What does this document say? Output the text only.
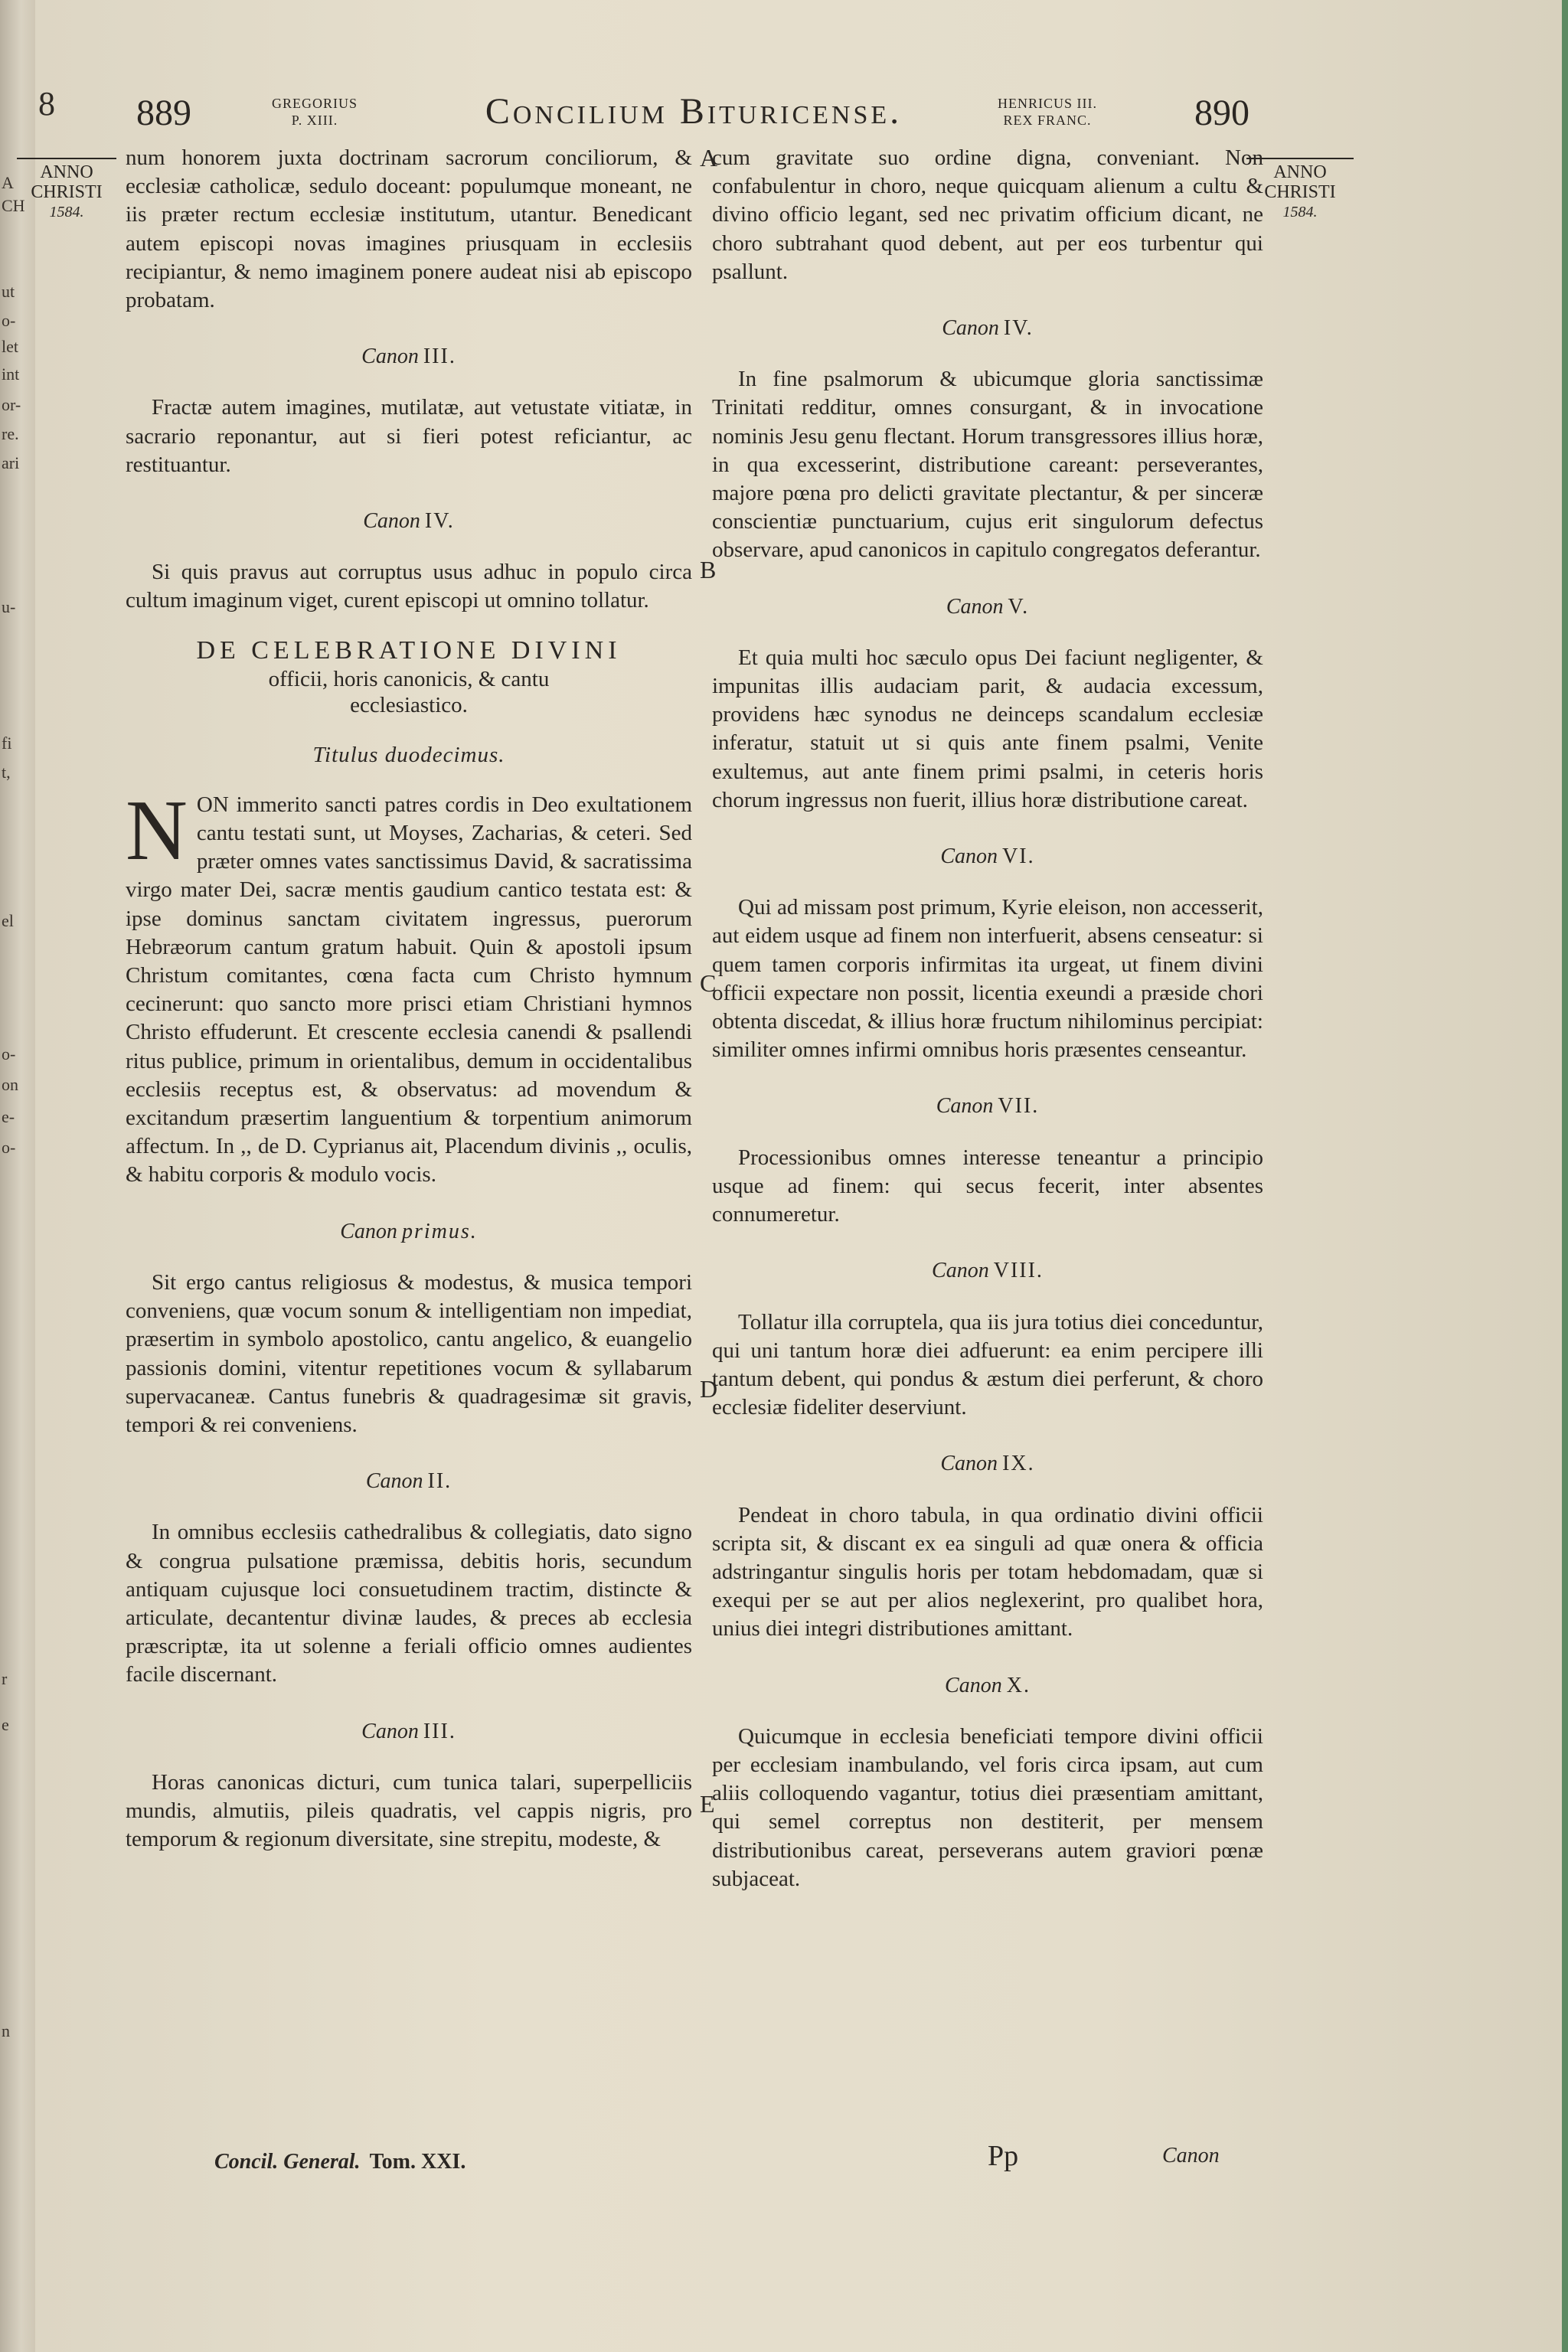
A
CH
ut
o-
let
int
or-
re.
ari
u-
fi
t,
el
o-
on
e-
o-
r
e
n
8 889	GREGORIUS
P. XIII.	Concilium Bituricense.	HENRICUS III.
REX FRANC.	890
ANNO
CHRISTI
1584.
ANNO
CHRISTI
1584.
A
B
C
D
E

num honorem juxta doctrinam sacrorum conciliorum, & ecclesiæ catholicæ, sedulo doceant: populumque moneant, ne iis præter rectum ecclesiæ institutum, utantur. Benedicant autem episcopi novas imagines priusquam in ecclesiis recipiantur, & nemo imaginem ponere audeat nisi ab episcopo probatam.

Canon III.

Fractæ autem imagines, mutilatæ, aut vetustate vitiatæ, in sacrario reponantur, aut si fieri potest reficiantur, ac restituantur.

Canon IV.

Si quis pravus aut corruptus usus adhuc in populo circa cultum imaginum viget, curent episcopi ut omnino tollatur.

DE CELEBRATIONE DIVINI
officii, horis canonicis, & cantu
ecclesiastico.
Titulus duodecimus.

NON immerito sancti patres cordis in Deo exultationem cantu testati sunt, ut Moyses, Zacharias, & ceteri. Sed præter omnes vates sanctissimus David, & sacratissima virgo mater Dei, sacræ mentis gaudium cantico testata est: & ipse dominus sanctam civitatem ingressus, puerorum Hebræorum cantum gratum habuit. Quin & apostoli ipsum Christum comitantes, cœna facta cum Christo hymnum cecinerunt: quo sancto more prisci etiam Christiani hymnos Christo effuderunt. Et crescente ecclesia canendi & psallendi ritus publice, primum in orientalibus, demum in occidentalibus ecclesiis receptus est, & observatus: ad movendum & excitandum præsertim languentium & torpentium animorum affectum. In ,, de D. Cyprianus ait, Placendum divinis ,, oculis, & habitu corporis & modulo vocis.

Canon primus.

Sit ergo cantus religiosus & modestus, & musica tempori conveniens, quæ vocum sonum & intelligentiam non impediat, præsertim in symbolo apostolico, cantu angelico, & euangelio passionis domini, vitentur repetitiones vocum & syllabarum supervacaneæ. Cantus funebris & quadragesimæ sit gravis, tempori & rei conveniens.

Canon II.

In omnibus ecclesiis cathedralibus & collegiatis, dato signo & congrua pulsatione præmissa, debitis horis, secundum antiquam cujusque loci consuetudinem tractim, distincte & articulate, decantentur divinæ laudes, & preces ab ecclesia præscriptæ, ita ut solenne a feriali officio omnes audientes facile discernant.

Canon III.

Horas canonicas dicturi, cum tunica talari, superpelliciis mundis, almutiis, pileis quadratis, vel cappis nigris, pro temporum & regionum diversitate, sine strepitu, modeste, &

cum gravitate suo ordine digna, conveniant. Non confabulentur in choro, neque quicquam alienum a cultu & divino officio legant, sed nec privatim officium dicant, ne choro subtrahant quod debent, aut per eos turbentur qui psallunt.

Canon IV.

In fine psalmorum & ubicumque gloria sanctissimæ Trinitati redditur, omnes consurgant, & in invocatione nominis Jesu genu flectant. Horum transgressores illius horæ, in qua excesserint, distributione careant: perseverantes, majore pœna pro delicti gravitate plectantur, & per sinceræ conscientiæ punctuarium, cujus erit singulorum defectus observare, apud canonicos in capitulo congregatos deferantur.

Canon V.

Et quia multi hoc sæculo opus Dei faciunt negligenter, & impunitas illis audaciam parit, & audacia excessum, providens hæc synodus ne deinceps scandalum ecclesiæ inferatur, statuit ut si quis ante finem psalmi, Venite exultemus, aut ante finem primi psalmi, in ceteris horis chorum ingressus non fuerit, illius horæ distributione careat.

Canon VI.

Qui ad missam post primum, Kyrie eleison, non accesserit, aut eidem usque ad finem non interfuerit, absens censeatur: si quem tamen corporis infirmitas ita urgeat, ut finem divini officii expectare non possit, licentia exeundi a præside chori obtenta discedat, & illius horæ fructum nihilominus percipiat: similiter omnes infirmi omnibus horis præsentes censeantur.

Canon VII.

Processionibus omnes interesse teneantur a principio usque ad finem: qui secus fecerit, inter absentes connumeretur.

Canon VIII.

Tollatur illa corruptela, qua iis jura totius diei conceduntur, qui uni tantum horæ diei adfuerunt: ea enim percipere illi tantum debent, qui pondus & æstum diei perferunt, & choro ecclesiæ fideliter deserviunt.

Canon IX.

Pendeat in choro tabula, in qua ordinatio divini officii scripta sit, & discant ex ea singuli ad quæ onera & officia adstringantur singulis horis per totam hebdomadam, quæ si exequi per se aut per alios neglexerint, pro qualibet hora, unius diei integri distributiones amittant.

Canon X.

Quicumque in ecclesia beneficiati tempore divini officii per ecclesiam inambulando, vel foris circa ipsam, aut cum aliis colloquendo vagantur, totius diei præsentiam amittant, qui semel correptus non destiterit, per mensem distributionibus careat, perseverans autem graviori pœnæ subjaceat.

Concil. General. Tom. XXI.	Pp	Canon
